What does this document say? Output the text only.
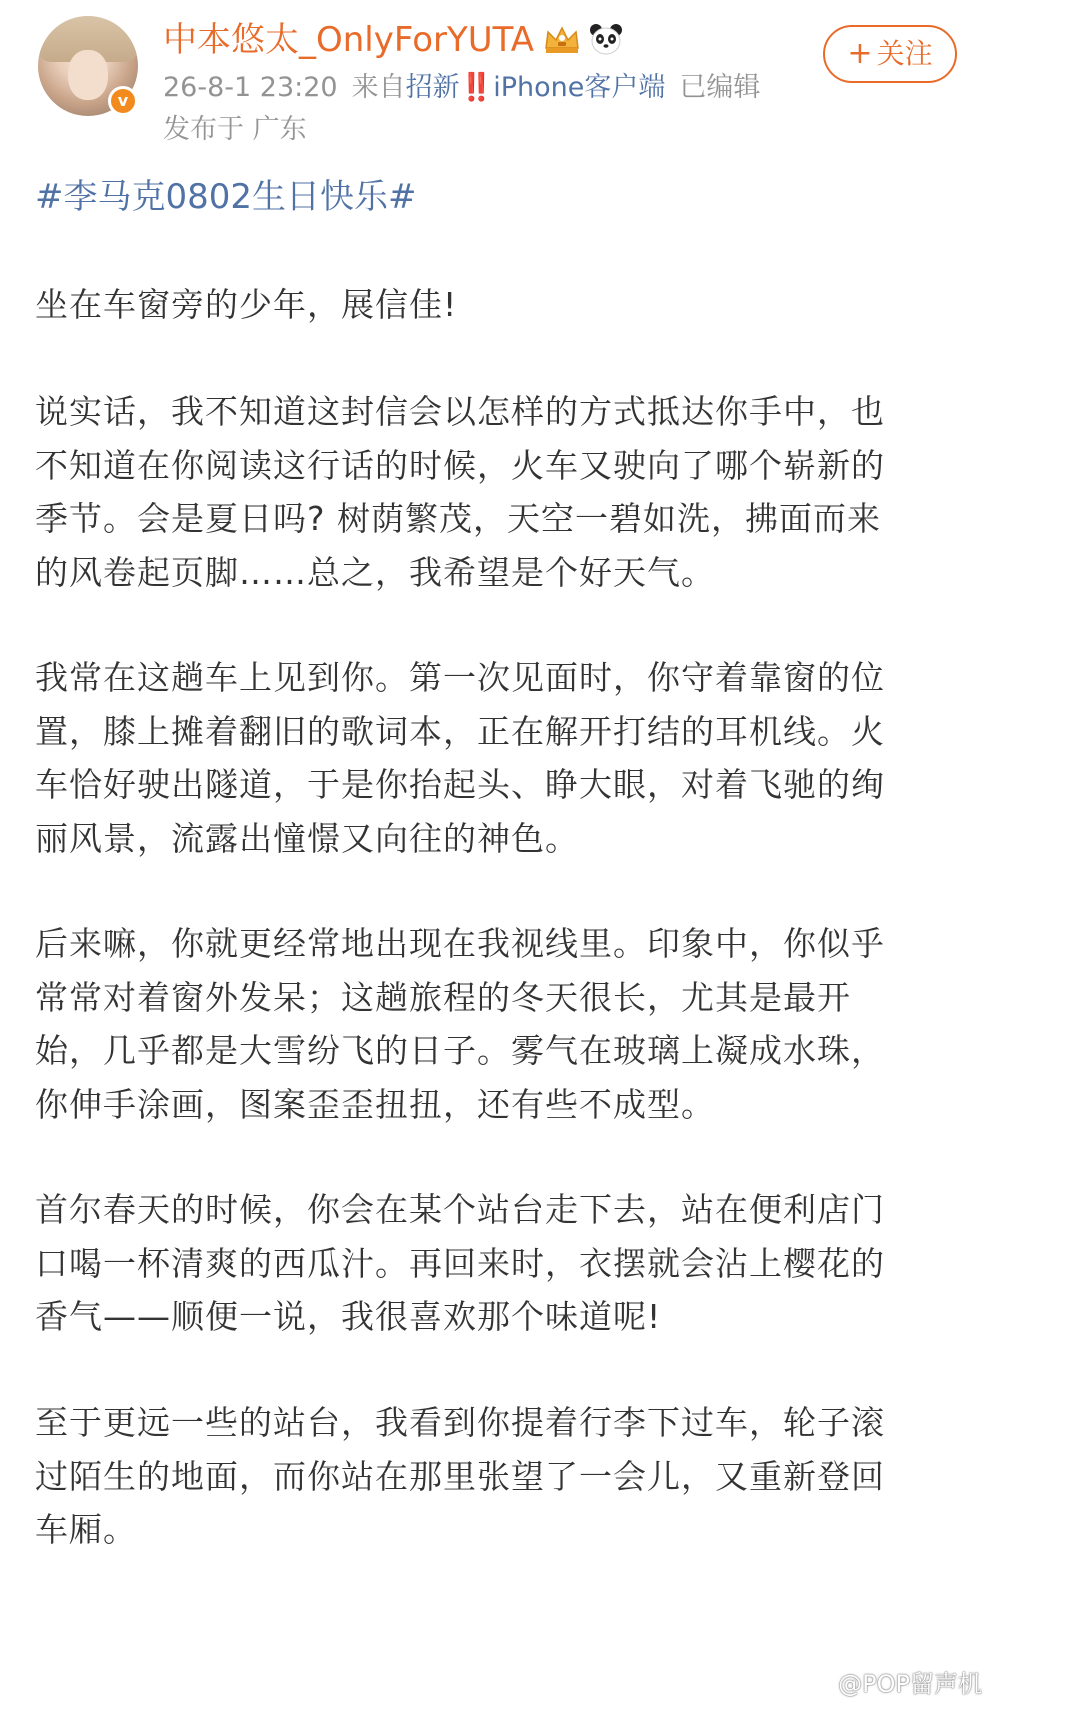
v
中本悠太_OnlyForYUTA
26-8-1 23:20 来自招新‼️iPhone客户端 已编辑
发布于 广东
+ 关注

#李马克0802生日快乐#

坐在车窗旁的少年，展信佳!
说实话，我不知道这封信会以怎样的方式抵达你手中，也
不知道在你阅读这行话的时候，火车又驶向了哪个崭新的
季节。会是夏日吗? 树荫繁茂，天空一碧如洗，拂面而来
的风卷起页脚……总之，我希望是个好天气。
我常在这趟车上见到你。第一次见面时，你守着靠窗的位
置，膝上摊着翻旧的歌词本，正在解开打结的耳机线。火
车恰好驶出隧道，于是你抬起头、睁大眼，对着飞驰的绚
丽风景，流露出憧憬又向往的神色。
后来嘛，你就更经常地出现在我视线里。印象中，你似乎
常常对着窗外发呆；这趟旅程的冬天很长，尤其是最开
始，几乎都是大雪纷飞的日子。雾气在玻璃上凝成水珠，
你伸手涂画，图案歪歪扭扭，还有些不成型。
首尔春天的时候，你会在某个站台走下去，站在便利店门
口喝一杯清爽的西瓜汁。再回来时，衣摆就会沾上樱花的
香气——顺便一说，我很喜欢那个味道呢!
至于更远一些的站台，我看到你提着行李下过车，轮子滚
过陌生的地面，而你站在那里张望了一会儿，又重新登回
车厢。
@POP留声机
